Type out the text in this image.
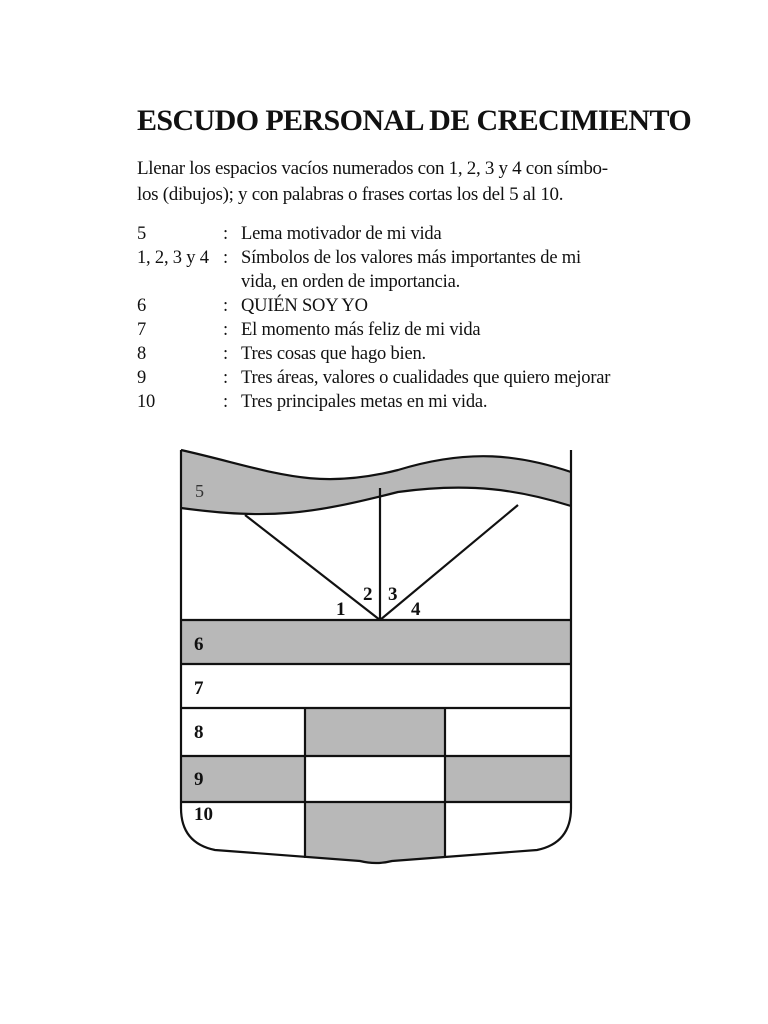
ESCUDO PERSONAL DE CRECIMIENTO
Llenar los espacios vacíos numerados con 1, 2, 3 y 4 con símbo-
los (dibujos); y con palabras o frases cortas los del 5 al 10.
5	: Lema motivador de mi vida
1, 2, 3 y 4 : Símbolos de los valores más importantes de mi
vida, en orden de importancia.
6	: QUIÉN SOY YO
7	: El momento más feliz de mi vida
8	: Tres cosas que hago bien.
9	: Tres áreas, valores o cualidades que quiero mejorar
10	: Tres principales metas en mi vida.
5
1
2 3
4
6
7
8
9
10
